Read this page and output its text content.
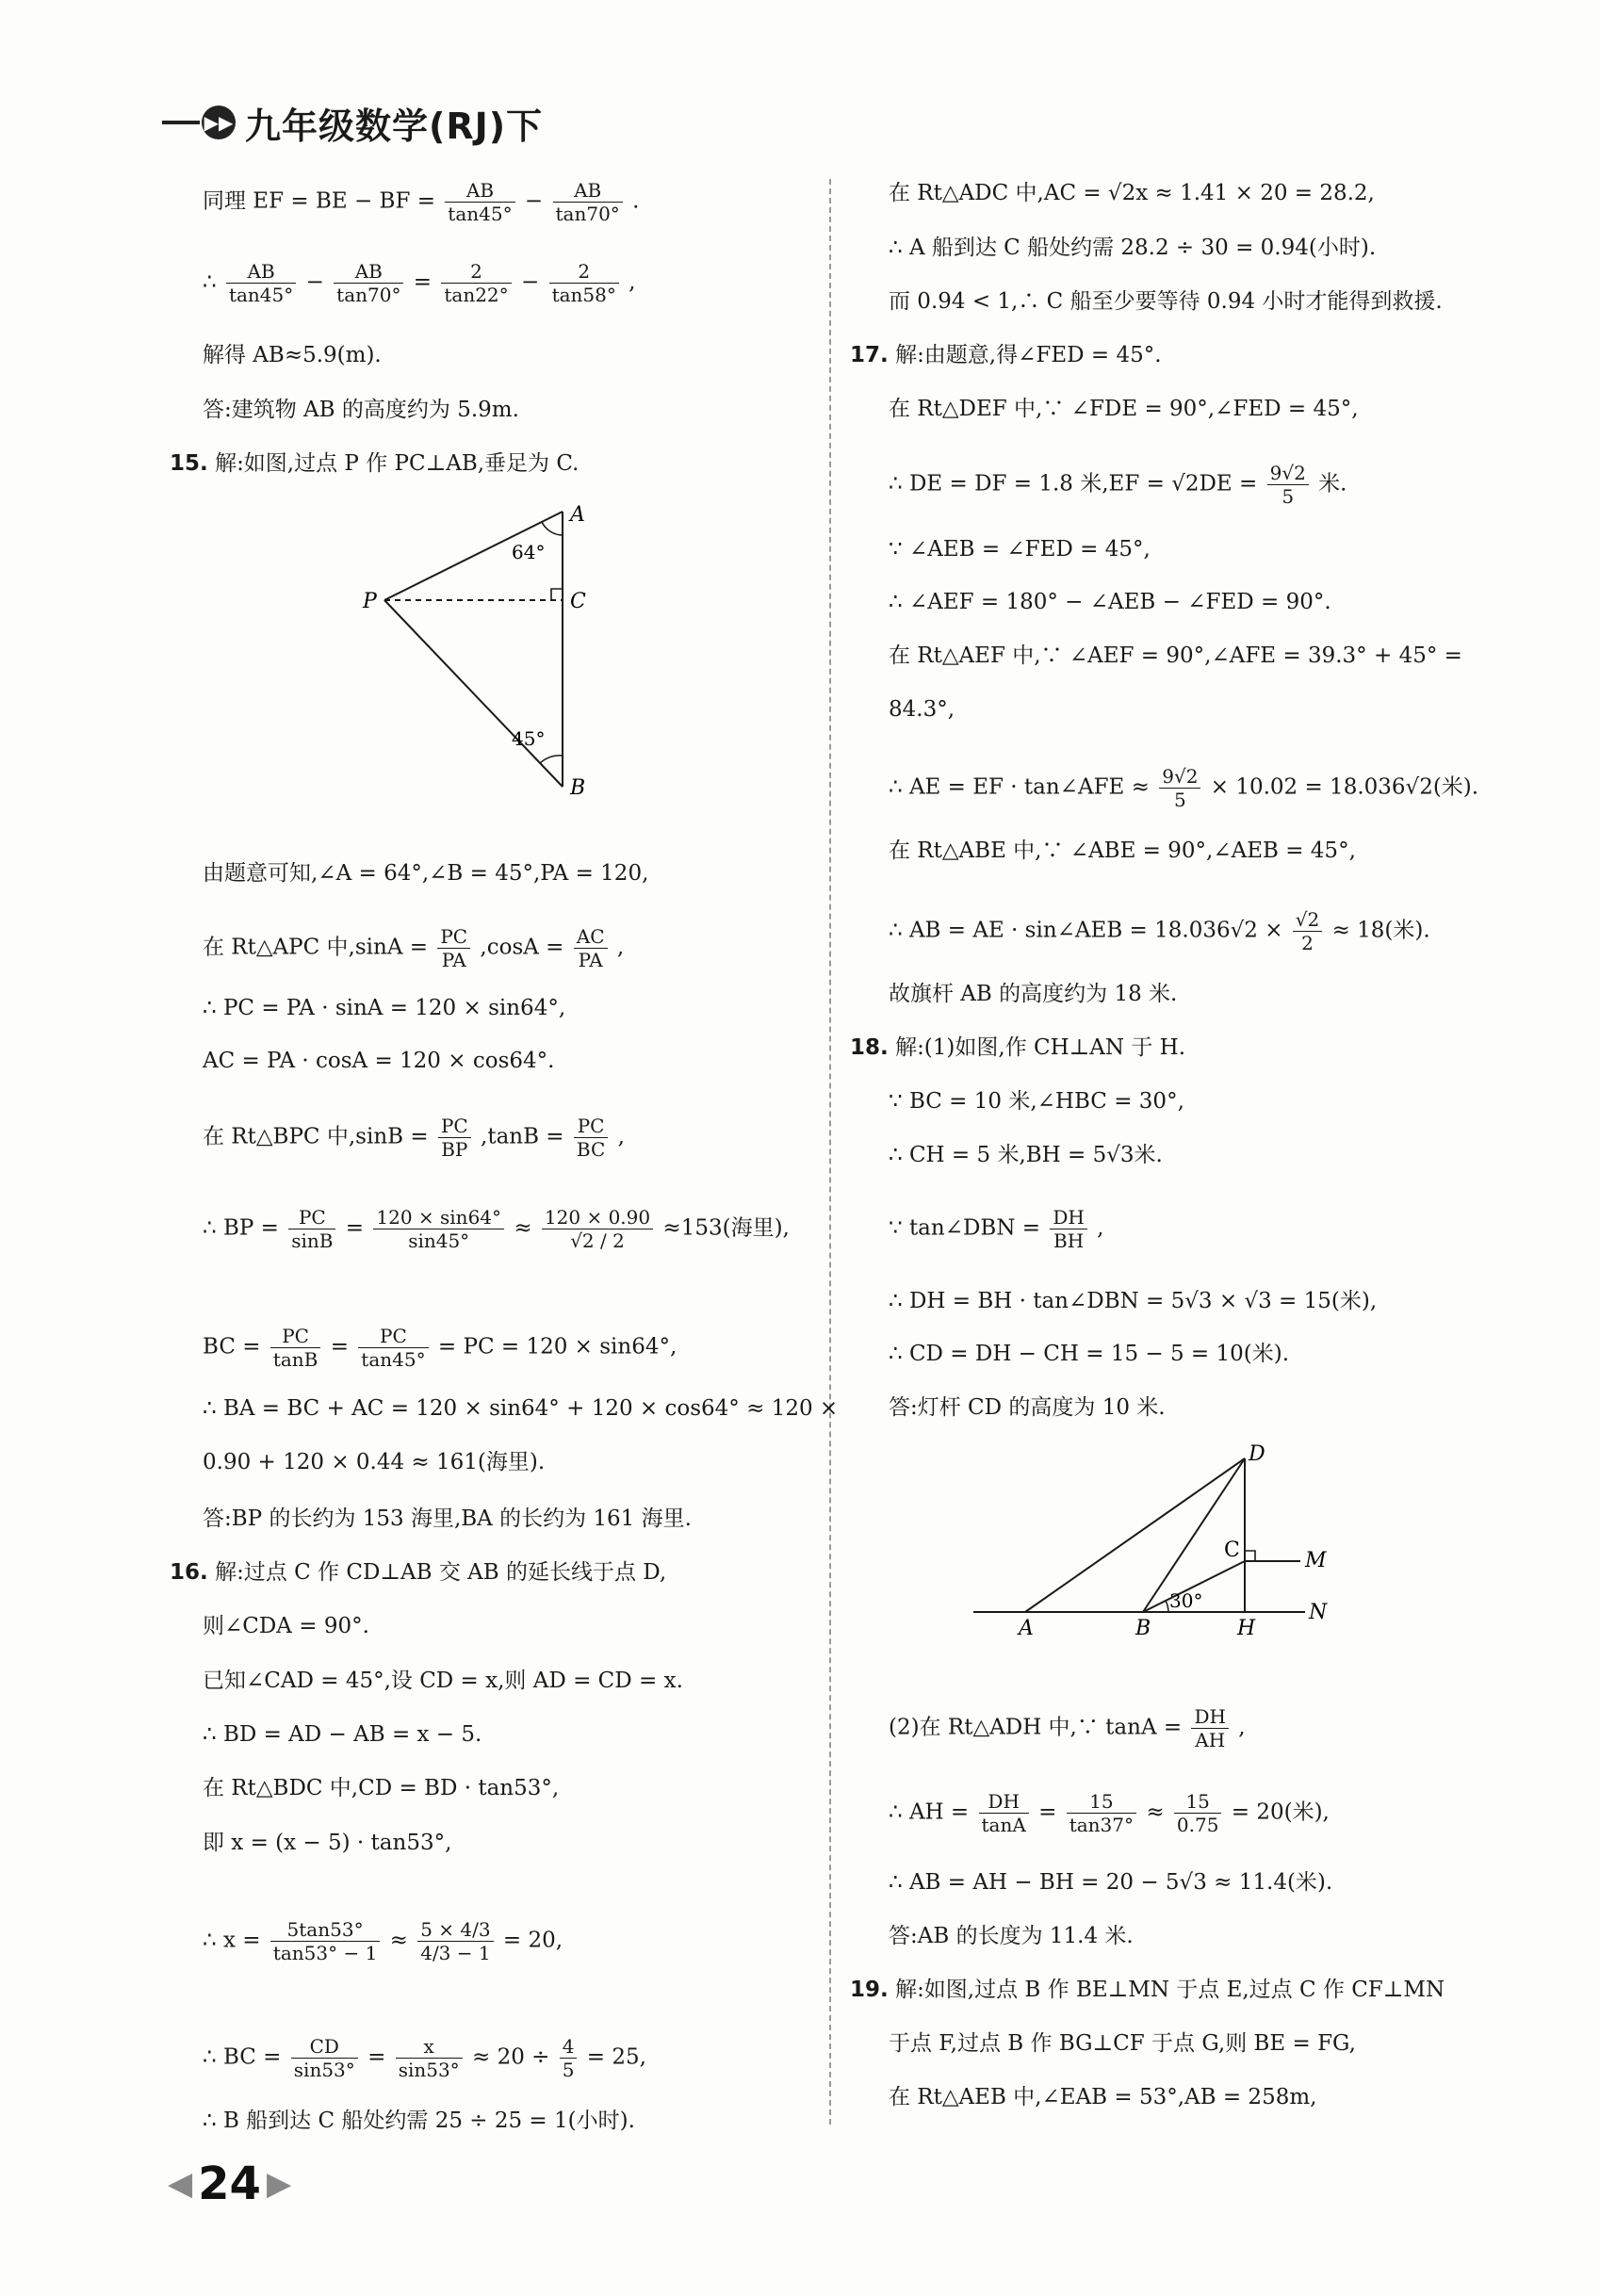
▶▶ 九年级数学(RJ)下
同理 EF = BE − BF = $\frac{AB}{\tan 45^\circ} - \frac{AB}{\tan 70^\circ}$ .
∴ $\frac{AB}{\tan 45^\circ} - \frac{AB}{\tan 70^\circ} = \frac{2}{\tan 22^\circ} - \frac{2}{\tan 58^\circ}$ ,
解得 AB≈5.9(m).
答:建筑物 AB 的高度约为 5.9m.
15. 解:如图,过点 P 作 PC⊥AB,垂足为 C.
A
C
B
P
64°
45°
由题意可知,∠A = 64°,∠B = 45°,PA = 120,
在 Rt△APC 中$,\sin A = \frac{PC}{PA} ,\cos A = \frac{AC}{PA}$ ,
∴ PC = PA · sinA = 120 × sin64°,
AC = PA · cosA = 120 × cos64°.
在 Rt△BPC 中$,\sin B = \frac{PC}{BP} ,\tan B = \frac{PC}{BC}$ ,
∴ BP = $\frac{PC}{\sin B} = \frac{120 \times \sin 64^\circ}{\sin 45^\circ} \approx \frac{120 \times 0.90}{√2 / 2} \approx 153$(海里),
BC = $\frac{PC}{\tan B} = \frac{PC}{\tan 45^\circ}$ = PC = 120 × sin64°,
∴ BA = BC + AC = 120 × sin64° + 120 × cos64° ≈ 120 ×
0.90 + 120 × 0.44 ≈ 161(海里).
答:BP 的长约为 153 海里,BA 的长约为 161 海里.
16. 解:过点 C 作 CD⊥AB 交 AB 的延长线于点 D,
则∠CDA = 90°.
已知∠CAD = 45°,设 CD = x,则 AD = CD = x.
∴ BD = AD − AB = x − 5.
在 Rt△BDC 中,CD = BD · tan53°,
即 x = (x − 5) · tan53°,
∴ $x = \frac{5\tan 53^\circ}{\tan 53^\circ - 1} \approx \frac{5 \times 4/3}{4/3 - 1} = 20$,
∴ BC = $\frac{CD}{\sin 53^\circ} = \frac{x}{\sin 53^\circ} \approx 20 \div \frac{4}{5} = 25$,
∴ B 船到达 C 船处约需 25 ÷ 25 = 1(小时).
在 Rt△ADC 中,AC = √2x ≈ 1.41 × 20 = 28.2,
∴ A 船到达 C 船处约需 28.2 ÷ 30 = 0.94(小时).
而 0.94 < 1,∴ C 船至少要等待 0.94 小时才能得到救援.
17. 解:由题意,得∠FED = 45°.
在 Rt△DEF 中,∵ ∠FDE = 90°,∠FED = 45°,
∴ DE = DF = 1.8 米$,EF = √2DE = \frac{9√2}{5}$ 米.
∵ ∠AEB = ∠FED = 45°,
∴ ∠AEF = 180° − ∠AEB − ∠FED = 90°.
在 Rt△AEF 中,∵ ∠AEF = 90°,∠AFE = 39.3° + 45° =
84.3°,
∴ AE = EF · tan∠AFE ≈ $\frac{9√2}{5} \times 10.02 = 18.036√2$(米).
在 Rt△ABE 中,∵ ∠ABE = 90°,∠AEB = 45°,
∴ AB = AE · sin∠AEB = $18.036√2 \times \frac{√2}{2} \approx 18$(米).
故旗杆 AB 的高度约为 18 米.
18. 解:(1)如图,作 CH⊥AN 于 H.
∵ BC = 10 米,∠HBC = 30°,
∴ CH = 5 米,BH = 5√3米.
∵ tan∠DBN = $\frac{DH}{BH}$ ,
∴ DH = BH · tan∠DBN = 5√3 × √3 = 15(米),
∴ CD = DH − CH = 15 − 5 = 10(米).
答:灯杆 CD 的高度为 10 米.
D
C	M
N
A	B	H
30°
(2)在 Rt△ADH 中,∵ $\tan A = \frac{DH}{AH}$ ,
∴ AH = $\frac{DH}{\tan A} = \frac{15}{\tan 37^\circ} \approx \frac{15}{0.75} = 20$(米),
∴ AB = AH − BH = 20 − 5√3 ≈ 11.4(米).
答:AB 的长度为 11.4 米.
19. 解:如图,过点 B 作 BE⊥MN 于点 E,过点 C 作 CF⊥MN
于点 F,过点 B 作 BG⊥CF 于点 G,则 BE = FG,
在 Rt△AEB 中,∠EAB = 53°,AB = 258m,
◀ 24 ▶
